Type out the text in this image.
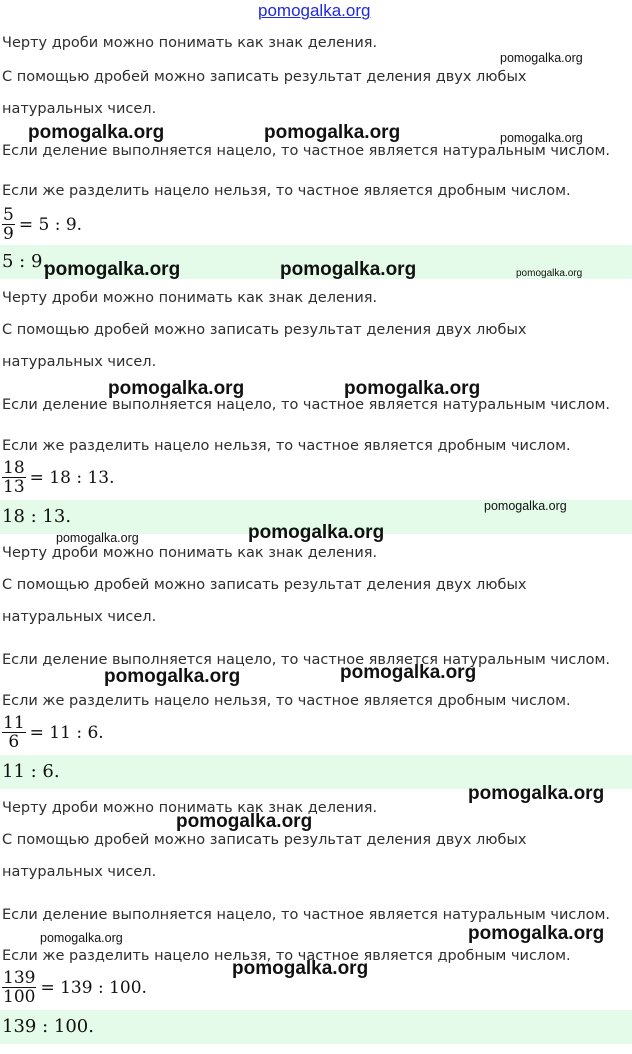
pomogalka.org
Черту дроби можно понимать как знак деления.
С помощью дробей можно записать результат деления двух любых
натуральных чисел.
Если деление выполняется нацело, то частное является натуральным числом.
Если же разделить нацело нельзя, то частное является дробным числом.
$\frac{5}{9} = 5$ : 9.
5 : 9.
Черту дроби можно понимать как знак деления.
С помощью дробей можно записать результат деления двух любых
натуральных чисел.
Если деление выполняется нацело, то частное является натуральным числом.
Если же разделить нацело нельзя, то частное является дробным числом.
$\frac{18}{13} = 18$ : 13.
18 : 13.
Черту дроби можно понимать как знак деления.
С помощью дробей можно записать результат деления двух любых
натуральных чисел.
Если деление выполняется нацело, то частное является натуральным числом.
Если же разделить нацело нельзя, то частное является дробным числом.
$\frac{11}{6} = 11$ : 6.
11 : 6.
Черту дроби можно понимать как знак деления.
С помощью дробей можно записать результат деления двух любых
натуральных чисел.
Если деление выполняется нацело, то частное является натуральным числом.
Если же разделить нацело нельзя, то частное является дробным числом.
$\frac{139}{100} = 139$ : 100.
139 : 100.
pomogalka.org
pomogalka.org	pomogalka.org	pomogalka.org
pomogalka.org	pomogalka.org	pomogalka.org
pomogalka.org	pomogalka.org
pomogalka.org
pomogalka.org
pomogalka.org
pomogalka.org
pomogalka.org
pomogalka.org
pomogalka.org
pomogalka.org
pomogalka.org
pomogalka.org
